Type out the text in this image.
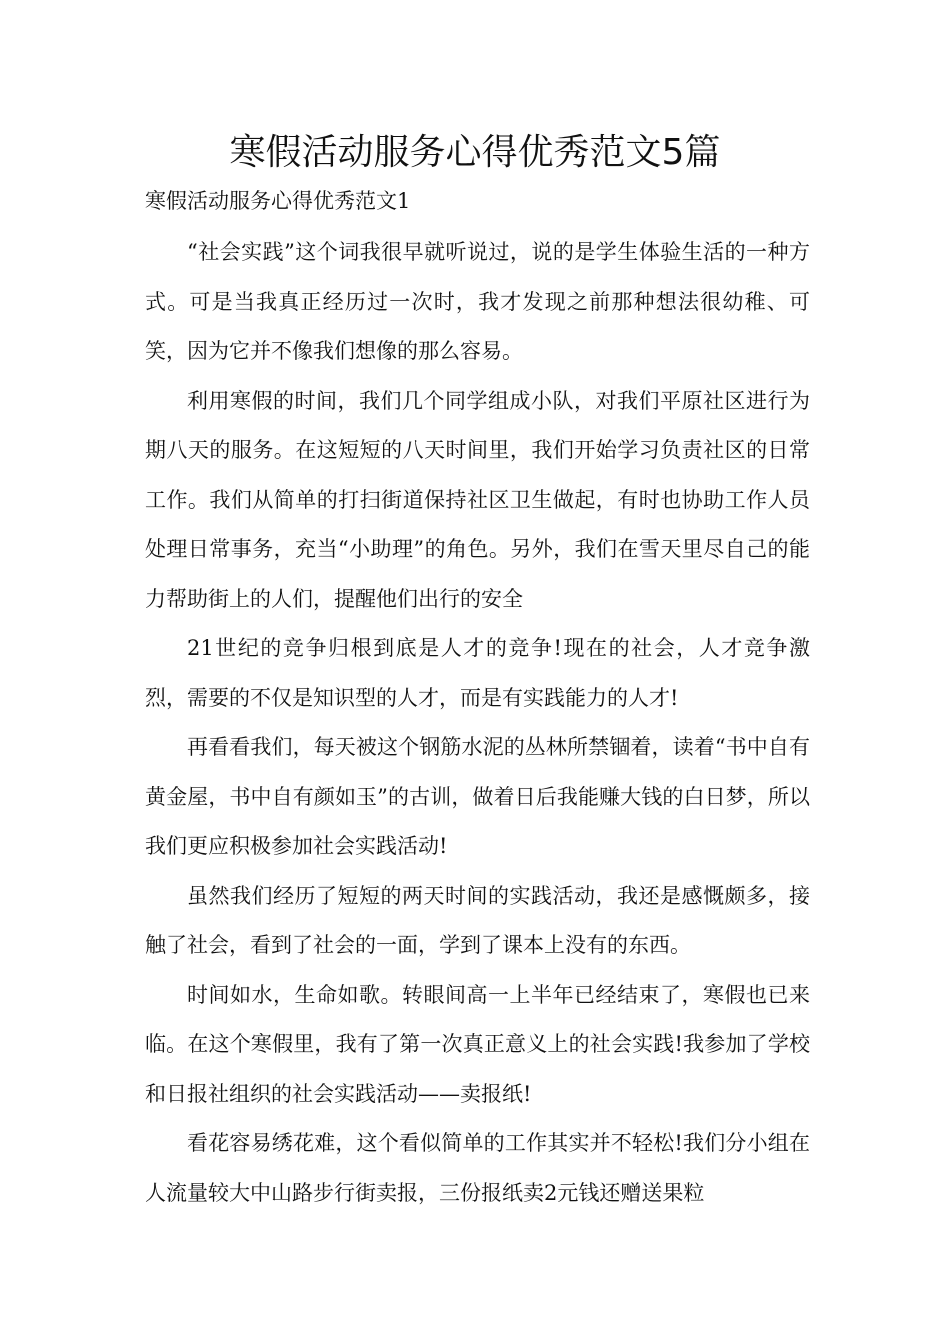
寒假活动服务心得优秀范文5篇
寒假活动服务心得优秀范文1

“社会实践”这个词我很早就听说过，说的是学生体验生活的一种方式。可是当我真正经历过一次时，我才发现之前那种想法很幼稚、可笑，因为它并不像我们想像的那么容易。

利用寒假的时间，我们几个同学组成小队，对我们平原社区进行为期八天的服务。在这短短的八天时间里，我们开始学习负责社区的日常工作。我们从简单的打扫街道保持社区卫生做起，有时也协助工作人员处理日常事务，充当“小助理”的角色。另外，我们在雪天里尽自己的能力帮助街上的人们，提醒他们出行的安全

21世纪的竞争归根到底是人才的竞争!现在的社会，人才竞争激烈，需要的不仅是知识型的人才，而是有实践能力的人才!

再看看我们，每天被这个钢筋水泥的丛林所禁锢着，读着“书中自有黄金屋，书中自有颜如玉”的古训，做着日后我能赚大钱的白日梦，所以我们更应积极参加社会实践活动!

虽然我们经历了短短的两天时间的实践活动，我还是感慨颇多，接触了社会，看到了社会的一面，学到了课本上没有的东西。

时间如水，生命如歌。转眼间高一上半年已经结束了，寒假也已来临。在这个寒假里，我有了第一次真正意义上的社会实践!我参加了学校和日报社组织的社会实践活动——卖报纸!

看花容易绣花难，这个看似简单的工作其实并不轻松!我们分小组在人流量较大中山路步行街卖报，三份报纸卖2元钱还赠送果粒
